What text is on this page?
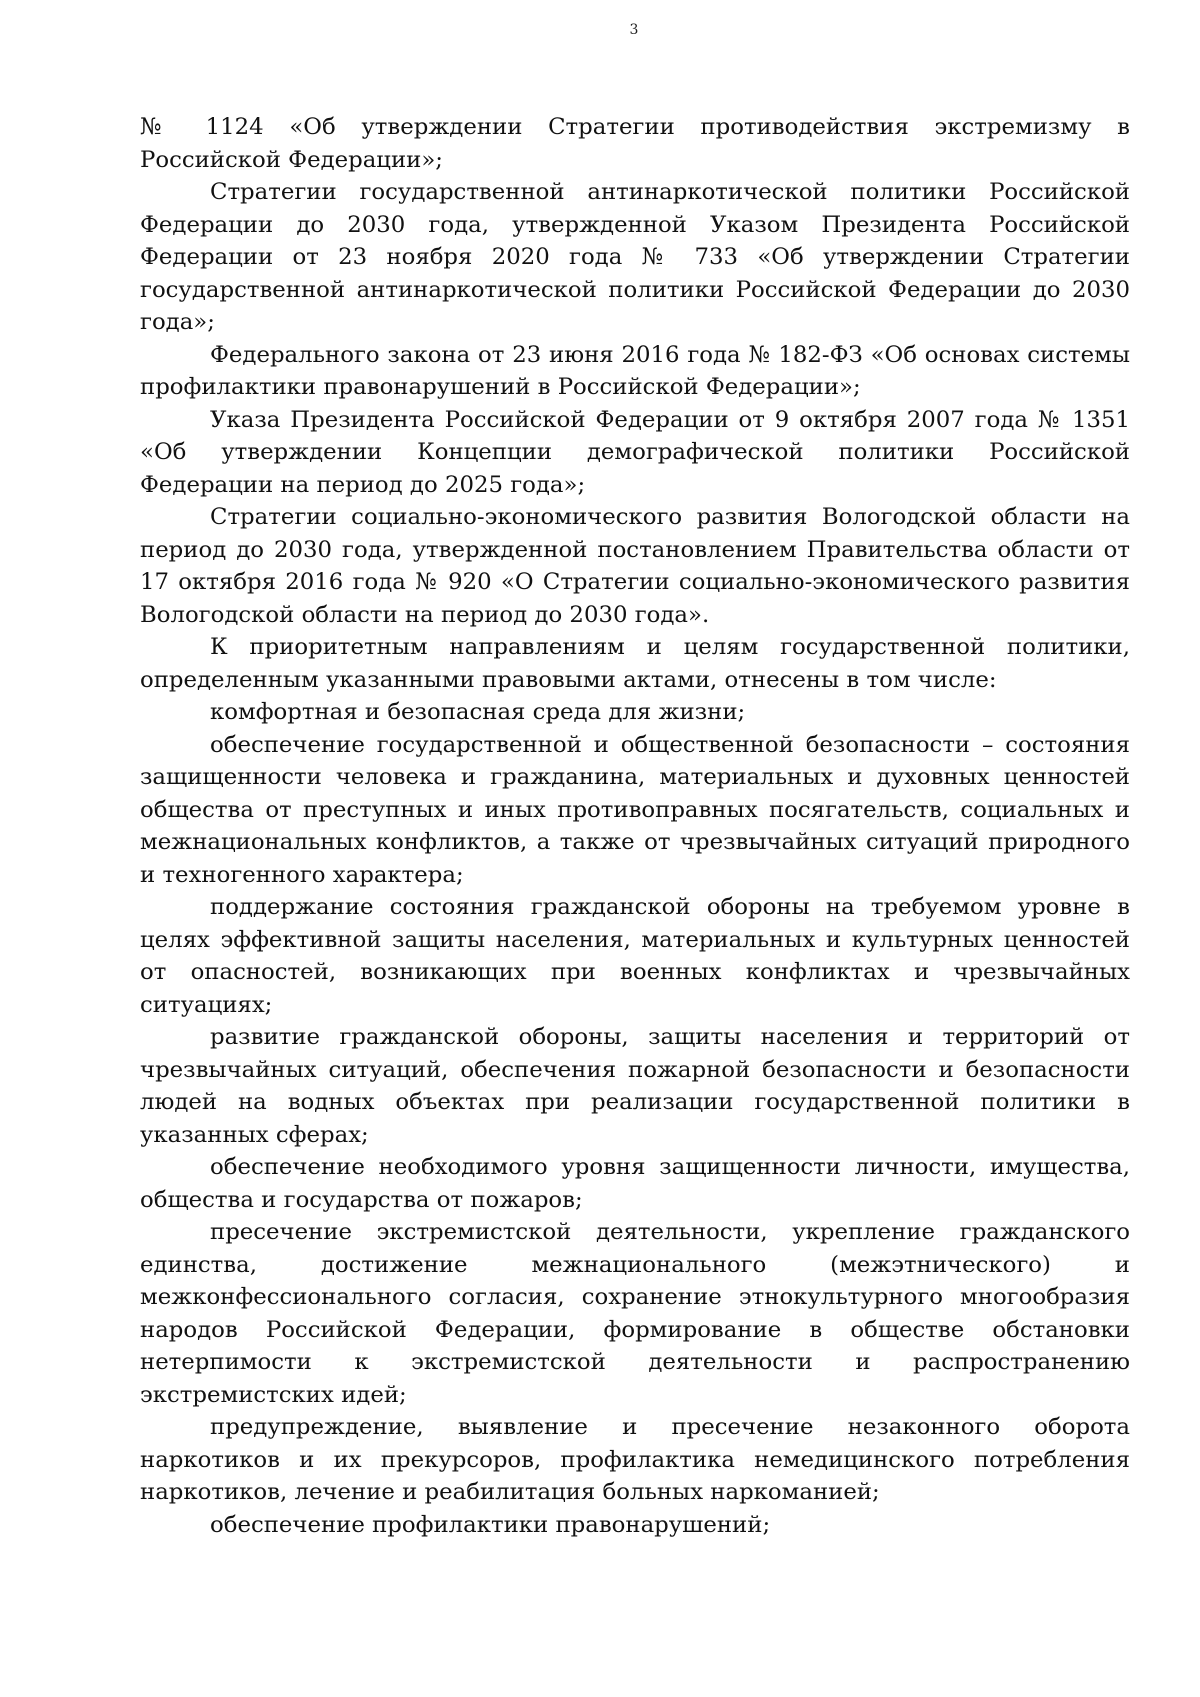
3

№ 1124 «Об утверждении Стратегии противодействия экстремизму в Российской Федерации»;

Стратегии государственной антинаркотической политики Российской Федерации до 2030 года, утвержденной Указом Президента Российской Федерации от 23 ноября 2020 года № 733 «Об утверждении Стратегии государственной антинаркотической политики Российской Федерации до 2030 года»;

Федерального закона от 23 июня 2016 года № 182-ФЗ «Об основах системы профилактики правонарушений в Российской Федерации»;

Указа Президента Российской Федерации от 9 октября 2007 года № 1351 «Об утверждении Концепции демографической политики Российской Федерации на период до 2025 года»;

Стратегии социально-экономического развития Вологодской области на период до 2030 года, утвержденной постановлением Правительства области от 17 октября 2016 года № 920 «О Стратегии социально-экономического развития Вологодской области на период до 2030 года».

К приоритетным направлениям и целям государственной политики, определенным указанными правовыми актами, отнесены в том числе:

комфортная и безопасная среда для жизни;

обеспечение государственной и общественной безопасности – состояния защищенности человека и гражданина, материальных и духовных ценностей общества от преступных и иных противоправных посягательств, социальных и межнациональных конфликтов, а также от чрезвычайных ситуаций природного и техногенного характера;

поддержание состояния гражданской обороны на требуемом уровне в целях эффективной защиты населения, материальных и культурных ценностей от опасностей, возникающих при военных конфликтах и чрезвычайных ситуациях;

развитие гражданской обороны, защиты населения и территорий от чрезвычайных ситуаций, обеспечения пожарной безопасности и безопасности людей на водных объектах при реализации государственной политики в указанных сферах;

обеспечение необходимого уровня защищенности личности, имущества, общества и государства от пожаров;

пресечение экстремистской деятельности, укрепление гражданского единства, достижение межнационального (межэтнического) и межконфессионального согласия, сохранение этнокультурного многообразия народов Российской Федерации, формирование в обществе обстановки нетерпимости к экстремистской деятельности и распространению экстремистских идей;

предупреждение, выявление и пресечение незаконного оборота наркотиков и их прекурсоров, профилактика немедицинского потребления наркотиков, лечение и реабилитация больных наркоманией;

обеспечение профилактики правонарушений;
